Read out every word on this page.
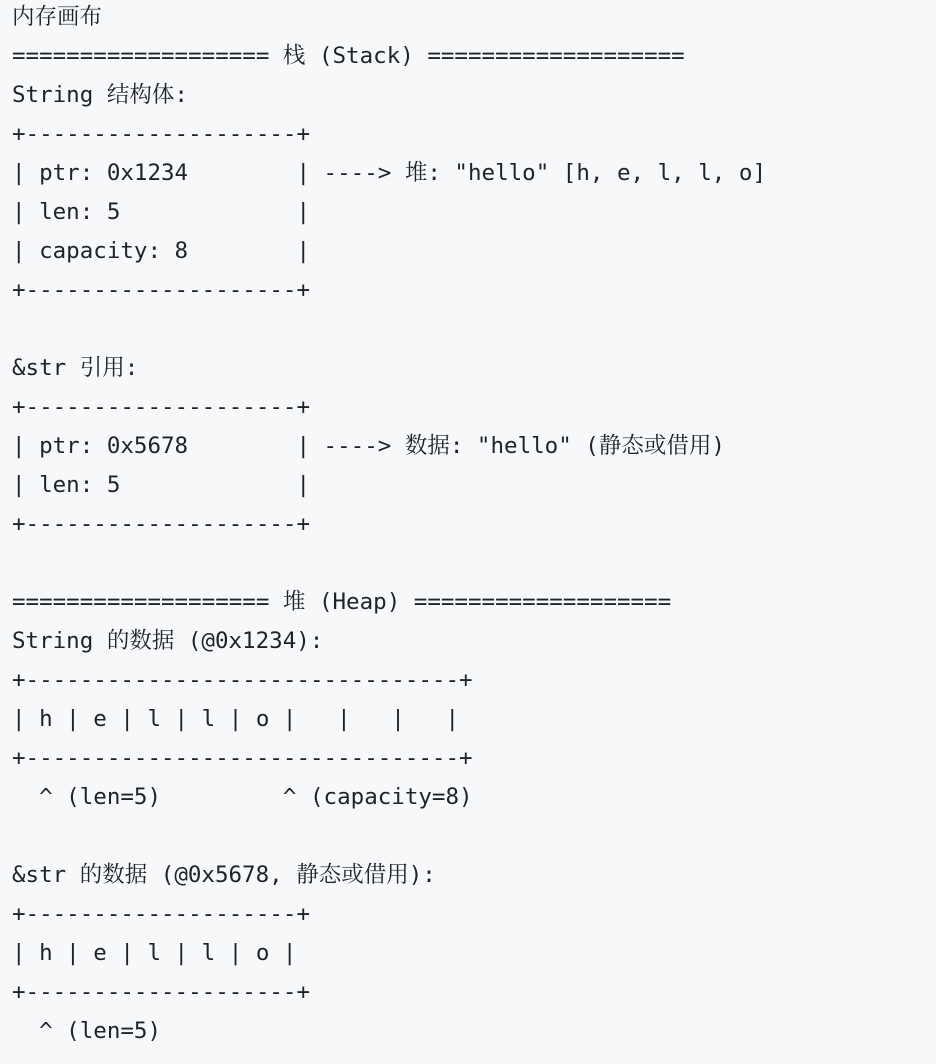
内存画布
=================== 栈 (Stack) ===================
String 结构体:
+--------------------+
| ptr: 0x1234        | ----> 堆: "hello" [h, e, l, l, o]
| len: 5             |
| capacity: 8        |
+--------------------+
&str 引用:
+--------------------+
| ptr: 0x5678        | ----> 数据: "hello" (静态或借用)
| len: 5             |
+--------------------+
=================== 堆 (Heap) ===================
String 的数据 (@0x1234):
+--------------------------------+
| h | e | l | l | o |   |   |   |
+--------------------------------+
^ (len=5)         ^ (capacity=8)
&str 的数据 (@0x5678, 静态或借用):
+--------------------+
| h | e | l | l | o |
+--------------------+
^ (len=5)
